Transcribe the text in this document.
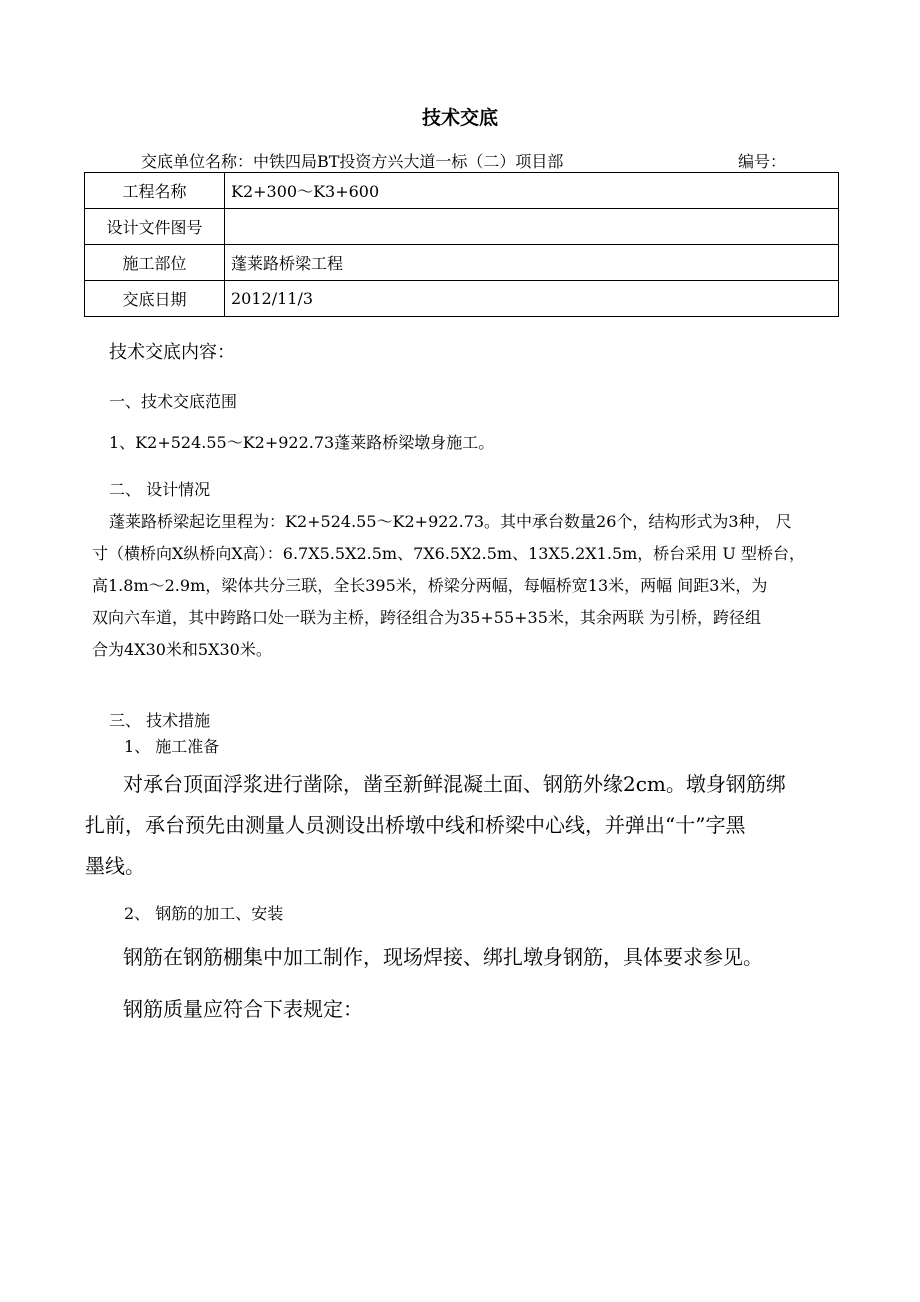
技术交底
交底单位名称：中铁四局BT投资方兴大道一标（二）项目部	编号：
工程名称	K2+300～K3+600
设计文件图号	
施工部位	蓬莱路桥梁工程
交底日期	2012/11/3
技术交底内容：
一、技术交底范围
1、K2+524.55～K2+922.73蓬莱路桥梁墩身施工。
二、 设计情况
蓬莱路桥梁起讫里程为：K2+524.55～K2+922.73。其中承台数量26个，结构形式为3种， 尺
寸（横桥向X纵桥向X高）：6.7X5.5X2.5m、7X6.5X2.5m、13X5.2X1.5m，桥台采用 U 型桥台，
高1.8m～2.9m，梁体共分三联，全长395米，桥梁分两幅，每幅桥宽13米，两幅 间距3米，为
双向六车道，其中跨路口处一联为主桥，跨径组合为35+55+35米，其余两联 为引桥，跨径组
合为4X30米和5X30米。
三、 技术措施
1、 施工准备
对承台顶面浮浆进行凿除，凿至新鲜混凝土面、钢筋外缘2cm。墩身钢筋绑
扎前，承台预先由测量人员测设出桥墩中线和桥梁中心线，并弹出“十”字黑
墨线。
2、 钢筋的加工、安装
钢筋在钢筋棚集中加工制作，现场焊接、绑扎墩身钢筋，具体要求参见。
钢筋质量应符合下表规定：
